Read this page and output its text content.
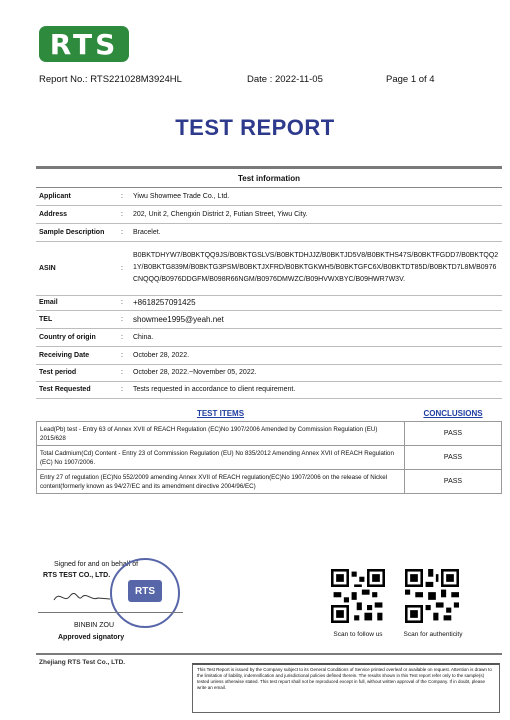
RTS
Report No.: RTS221028M3924HL	Date : 2022-11-05	Page 1 of 4
TEST REPORT
Test information		
Applicant	:	Yiwu Showmee Trade Co., Ltd.
Address	:	202, Unit 2, Chengxin District 2, Futian Street, Yiwu City.
Sample Description	:	Bracelet.
ASIN	:	B0BKTDHYW7/B0BKTQQ9JS/B0BKTGSLVS/B0BKTDHJJZ/B0BKTJD5V8/B0BKTHS47S/B0BKTFGDD7/B0BKTQQ21Y/B0BKTG839M/B0BKTG3PSM/B0BKTJXFRD/B0BKTGKWH5/B0BKTGFC6X/B0BKTDT85D/B0BKTD7L8M/B0976CNQQQ/B0976DDGFM/B098R66NGM/B0976DMWZC/B09HVWXBYC/B09HWR7W3V.
Email	:	+8618257091425
TEL	:	showmee1995@yeah.net
Country of origin	:	China.
Receiving Date	:	October 28, 2022.
Test period	:	October 28, 2022.~November 05, 2022.
Test Requested	:	Tests requested in accordance to client requirement.
TEST ITEMS	CONCLUSIONS
Lead(Pb) test - Entry 63 of Annex XVII of REACH Regulation (EC)No 1907/2006 Amended by Commission Regulation (EU) 2015/628	PASS
Total Cadmium(Cd) Content - Entry 23 of Commission Regulation (EU) No 835/2012 Amending Annex XVII of REACH Regulation (EC) No 1907/2006.	PASS
Entry 27 of regulation (EC)No 552/2009 amending Annex XVII of REACH regulation(EC)No 1907/2006 on the release of Nickel content(formerly known as 94/27/EC and its amendment directive 2004/96/EC)	PASS
Signed for and on behalf of
RTS TEST CO., LTD.
RTS
BINBIN ZOU
Approved signatory	Scan to follow us	Scan for authenticity
Zhejiang RTS Test Co., LTD.
This Test Report is issued by the Company subject to its General Conditions of Service printed overleaf or available on request. Attention is drawn to the limitation of liability, indemnification and jurisdictional policies defined therein. The results shown in this Test report refer only to the sample(s) tested unless otherwise stated. This test report shall not be reproduced except in full, without written approval of the Company. If in doubt, please write an email.
